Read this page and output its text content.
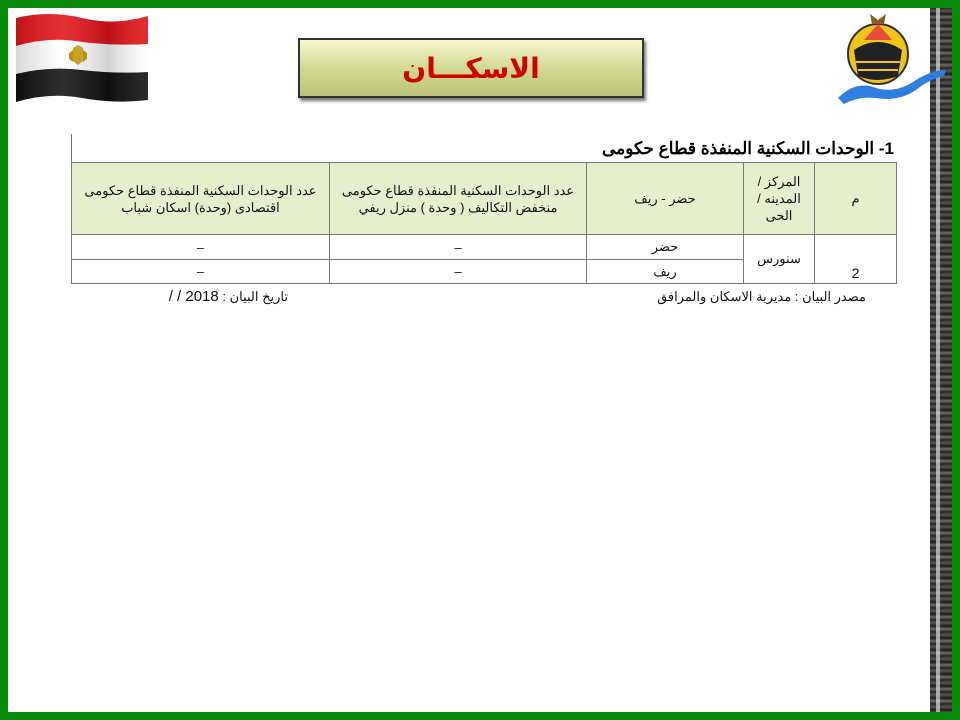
الاسكـــان
1- الوحدات السكنية المنفذة قطاع حكومى
م	المركز /المدينه /الحى	حضر - ريف	عدد الوحدات السكنية المنفذة قطاع حكومى منخفض التكاليف ( وحدة ) منزل ريفي	عدد الوحدات السكنية المنفذة قطاع حكومى اقتصادى (وحدة) اسكان شباب
2	سنورس	حضر	–	–
		ريف	–	–
مصدر البيان : مديرية الاسكان والمرافق
تاريخ البيان : / / 2018
